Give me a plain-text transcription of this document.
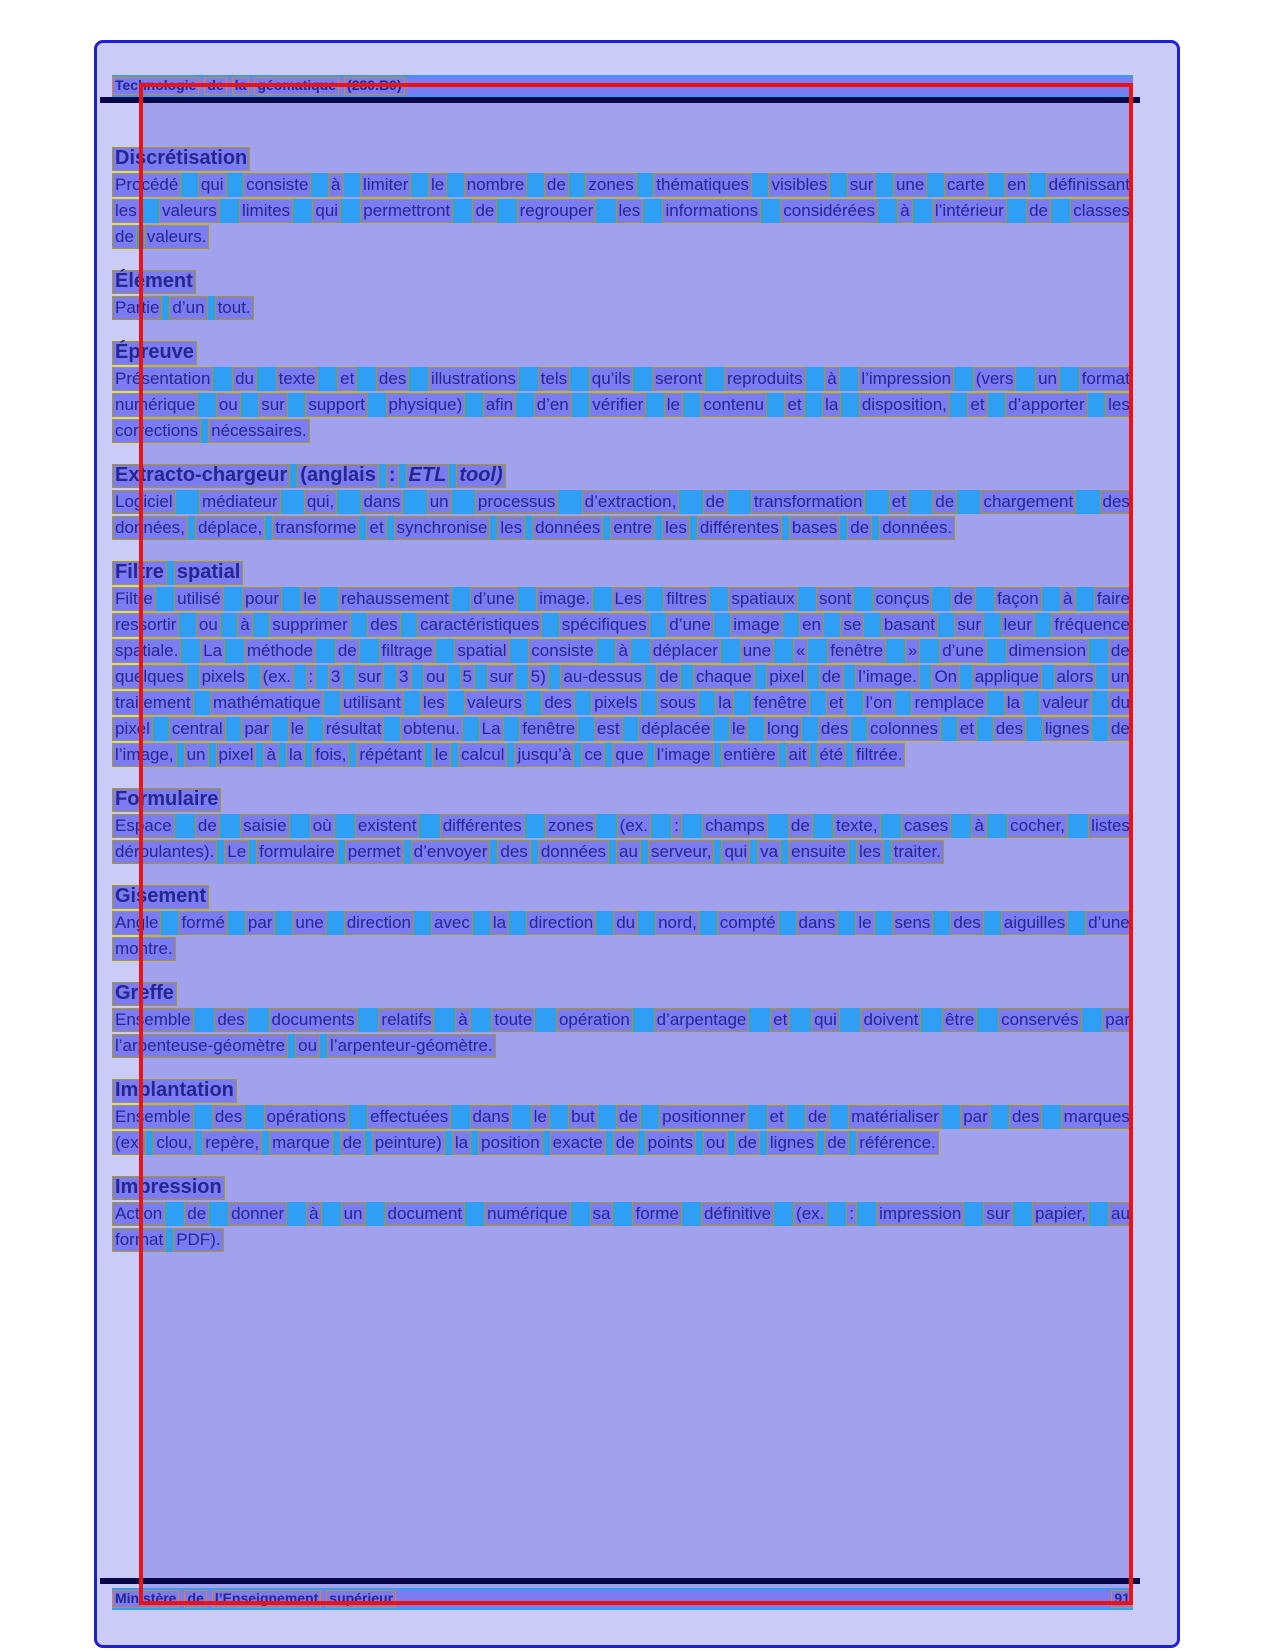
Technologie de la géomatique (230.B0)
Discrétisation
Procédé qui consiste à limiter le nombre de zones thématiques visibles sur une carte en définissant
les valeurs limites qui permettront de regrouper les informations considérées à l’intérieur de classes
de valeurs.
Élément
Partie d’un tout.
Épreuve
Présentation du texte et des illustrations tels qu’ils seront reproduits à l’impression (vers un format
numérique ou sur support physique) afin d’en vérifier le contenu et la disposition, et d’apporter les
corrections nécessaires.
Extracto-chargeur (anglais : ETL tool)
Logiciel médiateur qui, dans un processus d’extraction, de transformation et de chargement des
données, déplace, transforme et synchronise les données entre les différentes bases de données.
Filtre spatial
Filtre utilisé pour le rehaussement d’une image. Les filtres spatiaux sont conçus de façon à faire
ressortir ou à supprimer des caractéristiques spécifiques d’une image en se basant sur leur fréquence
spatiale. La méthode de filtrage spatial consiste à déplacer une « fenêtre » d’une dimension de
quelques pixels (ex. : 3 sur 3 ou 5 sur 5) au-dessus de chaque pixel de l’image. On applique alors un
traitement mathématique utilisant les valeurs des pixels sous la fenêtre et l’on remplace la valeur du
pixel central par le résultat obtenu. La fenêtre est déplacée le long des colonnes et des lignes de
l’image, un pixel à la fois, répétant le calcul jusqu’à ce que l’image entière ait été filtrée.
Formulaire
Espace de saisie où existent différentes zones (ex. : champs de texte, cases à cocher, listes
déroulantes). Le formulaire permet d’envoyer des données au serveur, qui va ensuite les traiter.
Gisement
Angle formé par une direction avec la direction du nord, compté dans le sens des aiguilles d’une
montre.
Greffe
Ensemble des documents relatifs à toute opération d’arpentage et qui doivent être conservés par
l’arpenteuse-géomètre ou l’arpenteur-géomètre.
Implantation
Ensemble des opérations effectuées dans le but de positionner et de matérialiser par des marques
(ex. clou, repère, marque de peinture) la position exacte de points ou de lignes de référence.
Impression
Action de donner à un document numérique sa forme définitive (ex. : impression sur papier, au
format PDF).
Ministère de l’Enseignement supérieur	91
